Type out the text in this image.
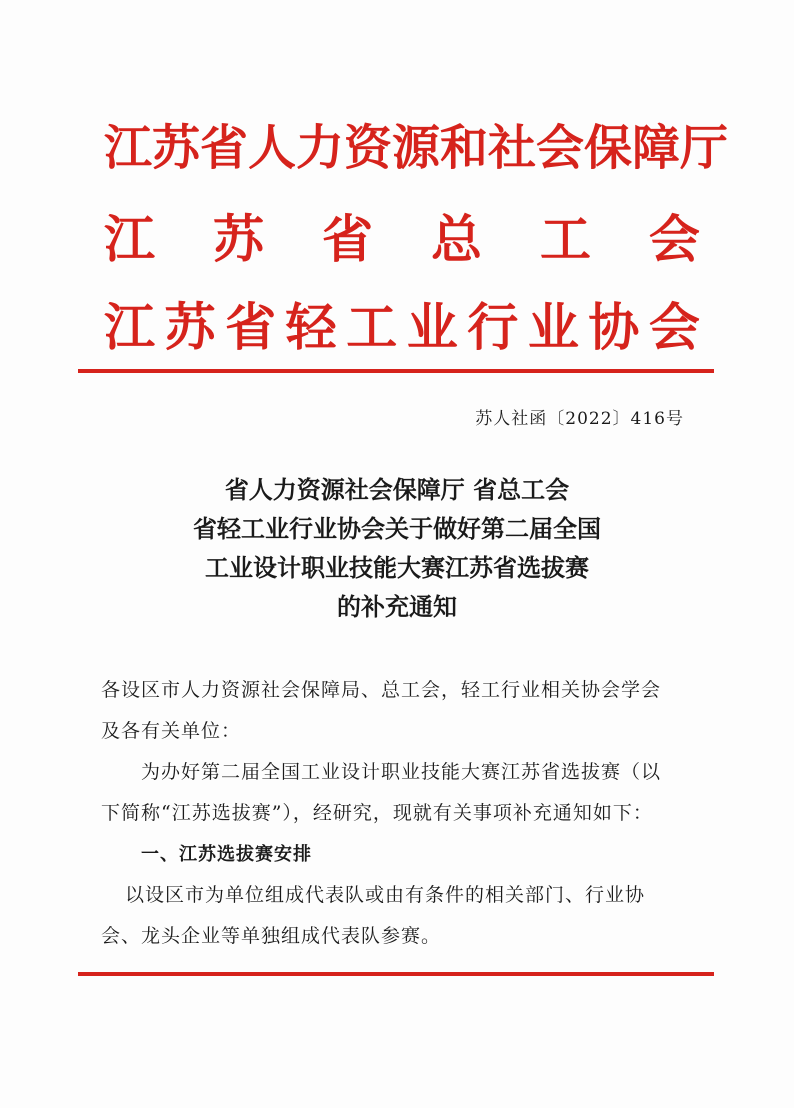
江苏省人力资源和社会保障厅
江 苏 省 总 工 会
江 苏 省 轻 工 业 行 业 协 会
苏人社函〔2022〕416号
省人力资源社会保障厅 省总工会
省轻工业行业协会关于做好第二届全国
工业设计职业技能大赛江苏省选拔赛
的补充通知
各设区市人力资源社会保障局、总工会，轻工行业相关协会学会
及各有关单位：
为办好第二届全国工业设计职业技能大赛江苏省选拔赛（以
下简称“江苏选拔赛”），经研究，现就有关事项补充通知如下：
一、江苏选拔赛安排
以设区市为单位组成代表队或由有条件的相关部门、行业协
会、龙头企业等单独组成代表队参赛。
